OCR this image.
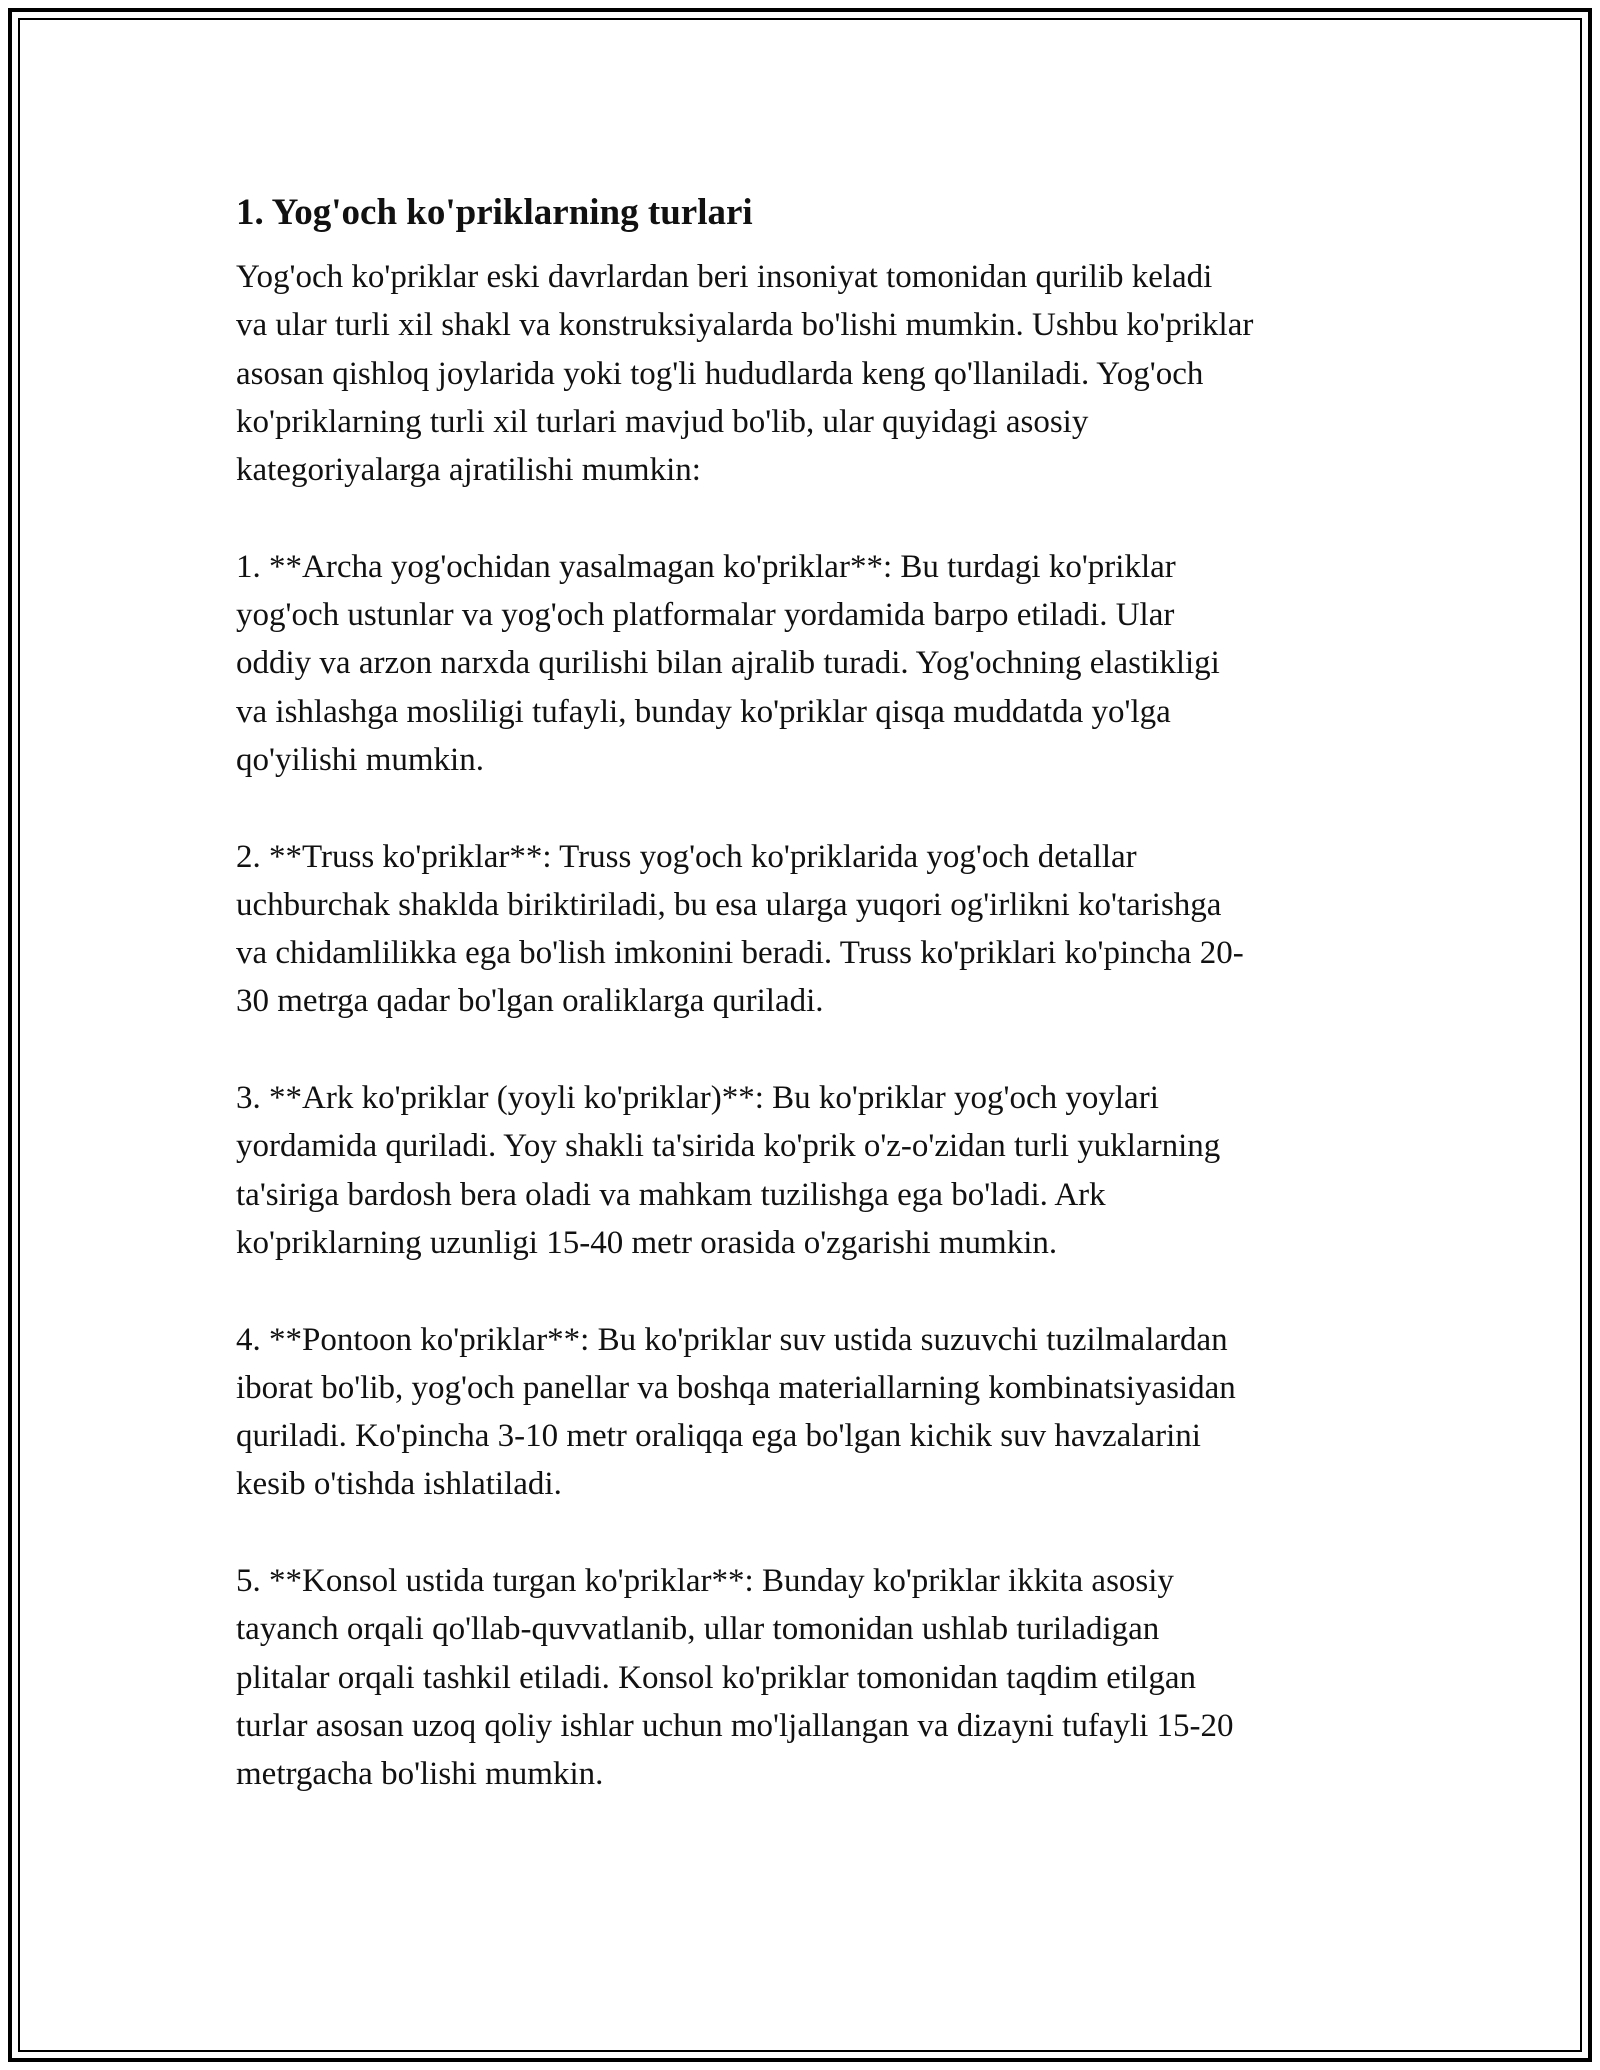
1. Yog'och ko'priklarning turlari

Yog'och ko'priklar eski davrlardan beri insoniyat tomonidan qurilib keladi
va ular turli xil shakl va konstruksiyalarda bo'lishi mumkin. Ushbu ko'priklar
asosan qishloq joylarida yoki tog'li hududlarda keng qo'llaniladi. Yog'och
ko'priklarning turli xil turlari mavjud bo'lib, ular quyidagi asosiy
kategoriyalarga ajratilishi mumkin:

1. **Archa yog'ochidan yasalmagan ko'priklar**: Bu turdagi ko'priklar
yog'och ustunlar va yog'och platformalar yordamida barpo etiladi. Ular
oddiy va arzon narxda qurilishi bilan ajralib turadi. Yog'ochning elastikligi
va ishlashga mosliligi tufayli, bunday ko'priklar qisqa muddatda yo'lga
qo'yilishi mumkin.

2. **Truss ko'priklar**: Truss yog'och ko'priklarida yog'och detallar
uchburchak shaklda biriktiriladi, bu esa ularga yuqori og'irlikni ko'tarishga
va chidamlilikka ega bo'lish imkonini beradi. Truss ko'priklari ko'pincha 20-
30 metrga qadar bo'lgan oraliklarga quriladi.

3. **Ark ko'priklar (yoyli ko'priklar)**: Bu ko'priklar yog'och yoylari
yordamida quriladi. Yoy shakli ta'sirida ko'prik o'z-o'zidan turli yuklarning
ta'siriga bardosh bera oladi va mahkam tuzilishga ega bo'ladi. Ark
ko'priklarning uzunligi 15-40 metr orasida o'zgarishi mumkin.

4. **Pontoon ko'priklar**: Bu ko'priklar suv ustida suzuvchi tuzilmalardan
iborat bo'lib, yog'och panellar va boshqa materiallarning kombinatsiyasidan
quriladi. Ko'pincha 3-10 metr oraliqqa ega bo'lgan kichik suv havzalarini
kesib o'tishda ishlatiladi.

5. **Konsol ustida turgan ko'priklar**: Bunday ko'priklar ikkita asosiy
tayanch orqali qo'llab-quvvatlanib, ullar tomonidan ushlab turiladigan
plitalar orqali tashkil etiladi. Konsol ko'priklar tomonidan taqdim etilgan
turlar asosan uzoq qoliy ishlar uchun mo'ljallangan va dizayni tufayli 15-20
metrgacha bo'lishi mumkin.
